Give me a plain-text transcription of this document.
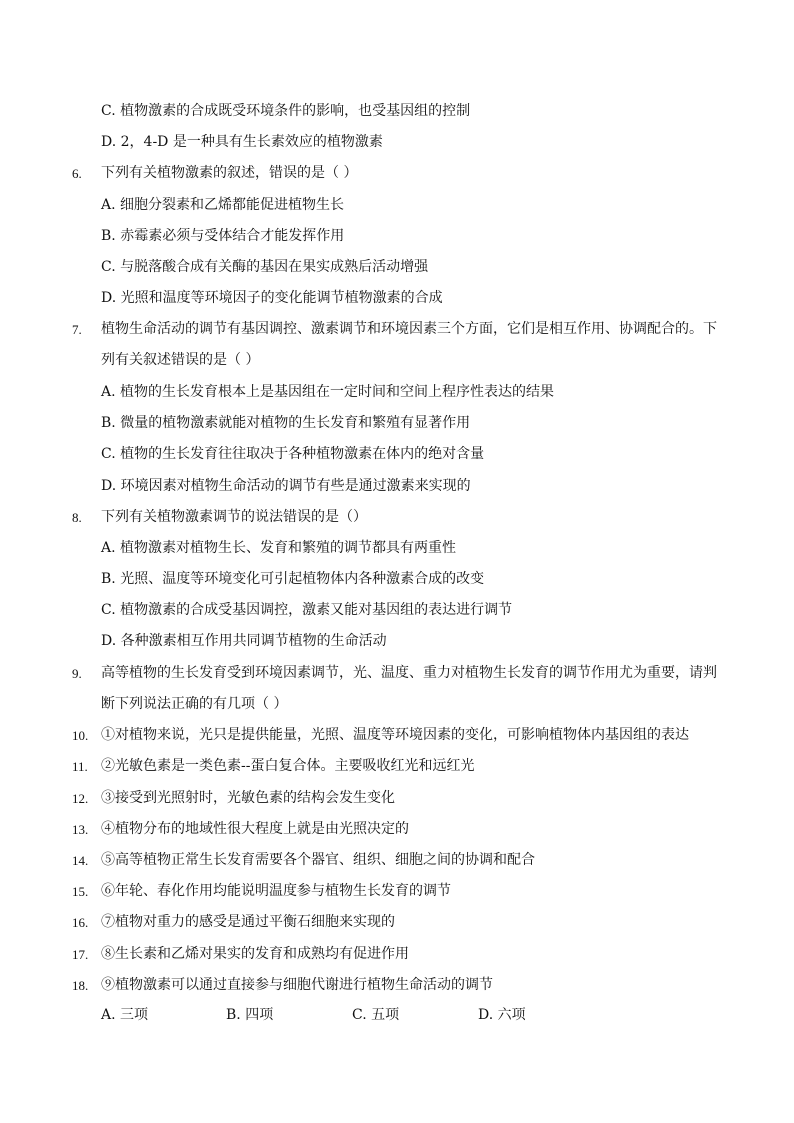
C. 植物激素的合成既受环境条件的影响，也受基因组的控制
D. 2，4-D 是一种具有生长素效应的植物激素
6. 下列有关植物激素的叙述，错误的是（ ）
A. 细胞分裂素和乙烯都能促进植物生长
B. 赤霉素必须与受体结合才能发挥作用
C. 与脱落酸合成有关酶的基因在果实成熟后活动增强
D. 光照和温度等环境因子的变化能调节植物激素的合成
7. 植物生命活动的调节有基因调控、激素调节和环境因素三个方面，它们是相互作用、协调配合的。下
列有关叙述错误的是（ ）
A. 植物的生长发育根本上是基因组在一定时间和空间上程序性表达的结果
B. 微量的植物激素就能对植物的生长发育和繁殖有显著作用
C. 植物的生长发育往往取决于各种植物激素在体内的绝对含量
D. 环境因素对植物生命活动的调节有些是通过激素来实现的
8. 下列有关植物激素调节的说法错误的是（）
A. 植物激素对植物生长、发育和繁殖的调节都具有两重性
B. 光照、温度等环境变化可引起植物体内各种激素合成的改变
C. 植物激素的合成受基因调控，激素又能对基因组的表达进行调节
D. 各种激素相互作用共同调节植物的生命活动
9. 高等植物的生长发育受到环境因素调节，光、温度、重力对植物生长发育的调节作用尤为重要，请判
断下列说法正确的有几项（ ）
10. ①对植物来说，光只是提供能量，光照、温度等环境因素的变化，可影响植物体内基因组的表达
11. ②光敏色素是一类色素--蛋白复合体。主要吸收红光和远红光
12. ③接受到光照射时，光敏色素的结构会发生变化
13. ④植物分布的地域性很大程度上就是由光照决定的
14. ⑤高等植物正常生长发育需要各个器官、组织、细胞之间的协调和配合
15. ⑥年轮、春化作用均能说明温度参与植物生长发育的调节
16. ⑦植物对重力的感受是通过平衡石细胞来实现的
17. ⑧生长素和乙烯对果实的发育和成熟均有促进作用
18. ⑨植物激素可以通过直接参与细胞代谢进行植物生命活动的调节
A. 三项	B. 四项	C. 五项	D. 六项
